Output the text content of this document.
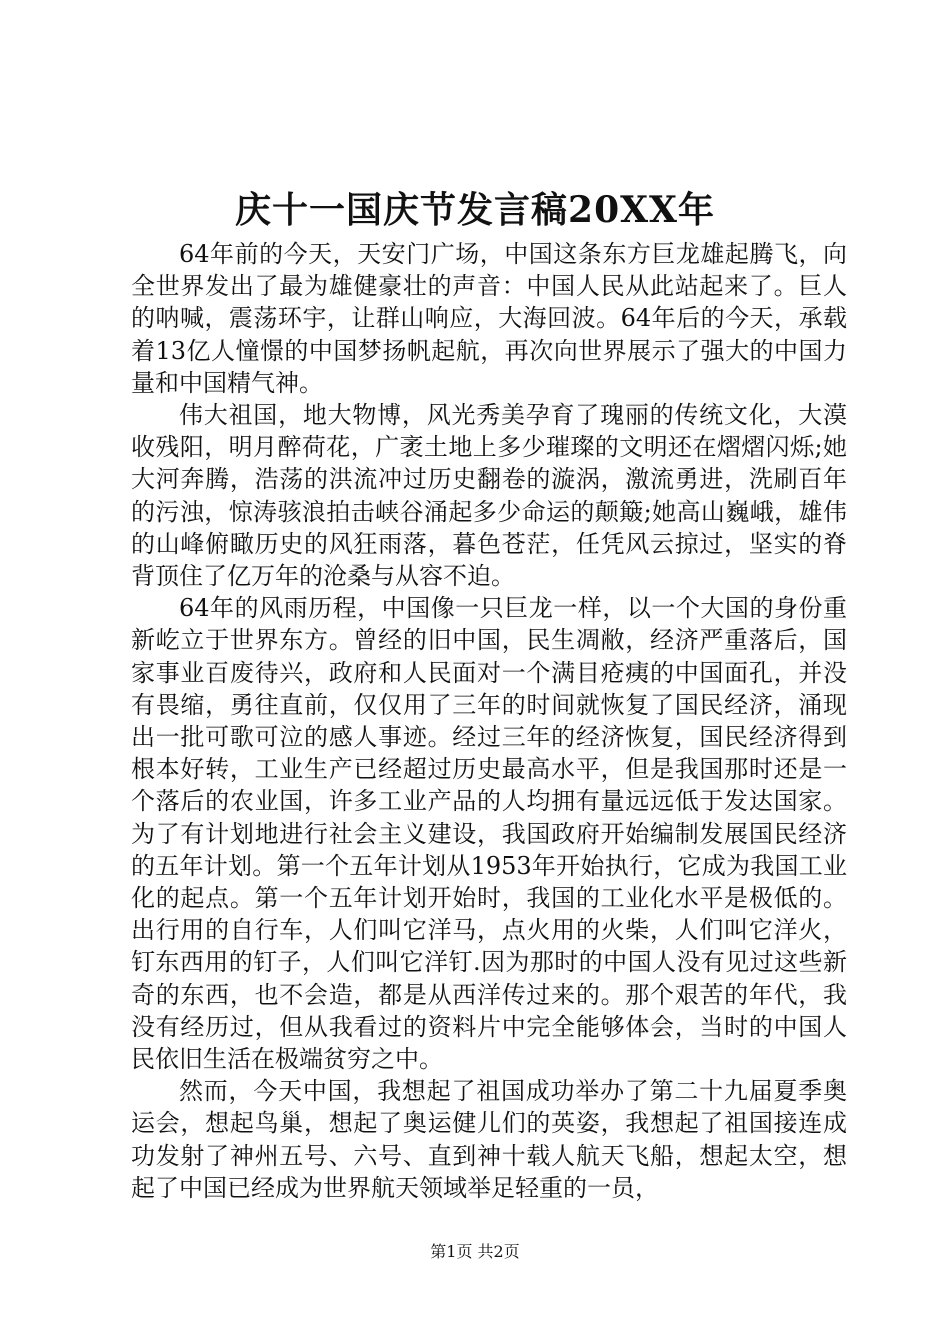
庆十一国庆节发言稿20XX年

64年前的今天，天安门广场，中国这条东方巨龙雄起腾飞，向全世界发出了最为雄健豪壮的声音：中国人民从此站起来了。巨人的呐喊，震荡环宇，让群山响应，大海回波。64年后的今天，承载着13亿人憧憬的中国梦扬帆起航，再次向世界展示了强大的中国力量和中国精气神。

伟大祖国，地大物博，风光秀美孕育了瑰丽的传统文化，大漠收残阳，明月醉荷花，广袤土地上多少璀璨的文明还在熠熠闪烁;她大河奔腾，浩荡的洪流冲过历史翻卷的漩涡，激流勇进，洗刷百年的污浊，惊涛骇浪拍击峡谷涌起多少命运的颠簸;她高山巍峨，雄伟的山峰俯瞰历史的风狂雨落，暮色苍茫，任凭风云掠过，坚实的脊背顶住了亿万年的沧桑与从容不迫。

64年的风雨历程，中国像一只巨龙一样，以一个大国的身份重新屹立于世界东方。曾经的旧中国，民生凋敝，经济严重落后，国家事业百废待兴，政府和人民面对一个满目疮痍的中国面孔，并没有畏缩，勇往直前，仅仅用了三年的时间就恢复了国民经济，涌现出一批可歌可泣的感人事迹。经过三年的经济恢复，国民经济得到根本好转，工业生产已经超过历史最高水平，但是我国那时还是一个落后的农业国，许多工业产品的人均拥有量远远低于发达国家。为了有计划地进行社会主义建设，我国政府开始编制发展国民经济的五年计划。第一个五年计划从1953年开始执行，它成为我国工业化的起点。第一个五年计划开始时，我国的工业化水平是极低的。出行用的自行车，人们叫它洋马，点火用的火柴，人们叫它洋火，钉东西用的钉子，人们叫它洋钉.因为那时的中国人没有见过这些新奇的东西，也不会造，都是从西洋传过来的。那个艰苦的年代，我没有经历过，但从我看过的资料片中完全能够体会，当时的中国人民依旧生活在极端贫穷之中。

然而，今天中国，我想起了祖国成功举办了第二十九届夏季奥运会，想起鸟巢，想起了奥运健儿们的英姿，我想起了祖国接连成功发射了神州五号、六号、直到神十载人航天飞船，想起太空，想起了中国已经成为世界航天领域举足轻重的一员，

第1页 共2页
